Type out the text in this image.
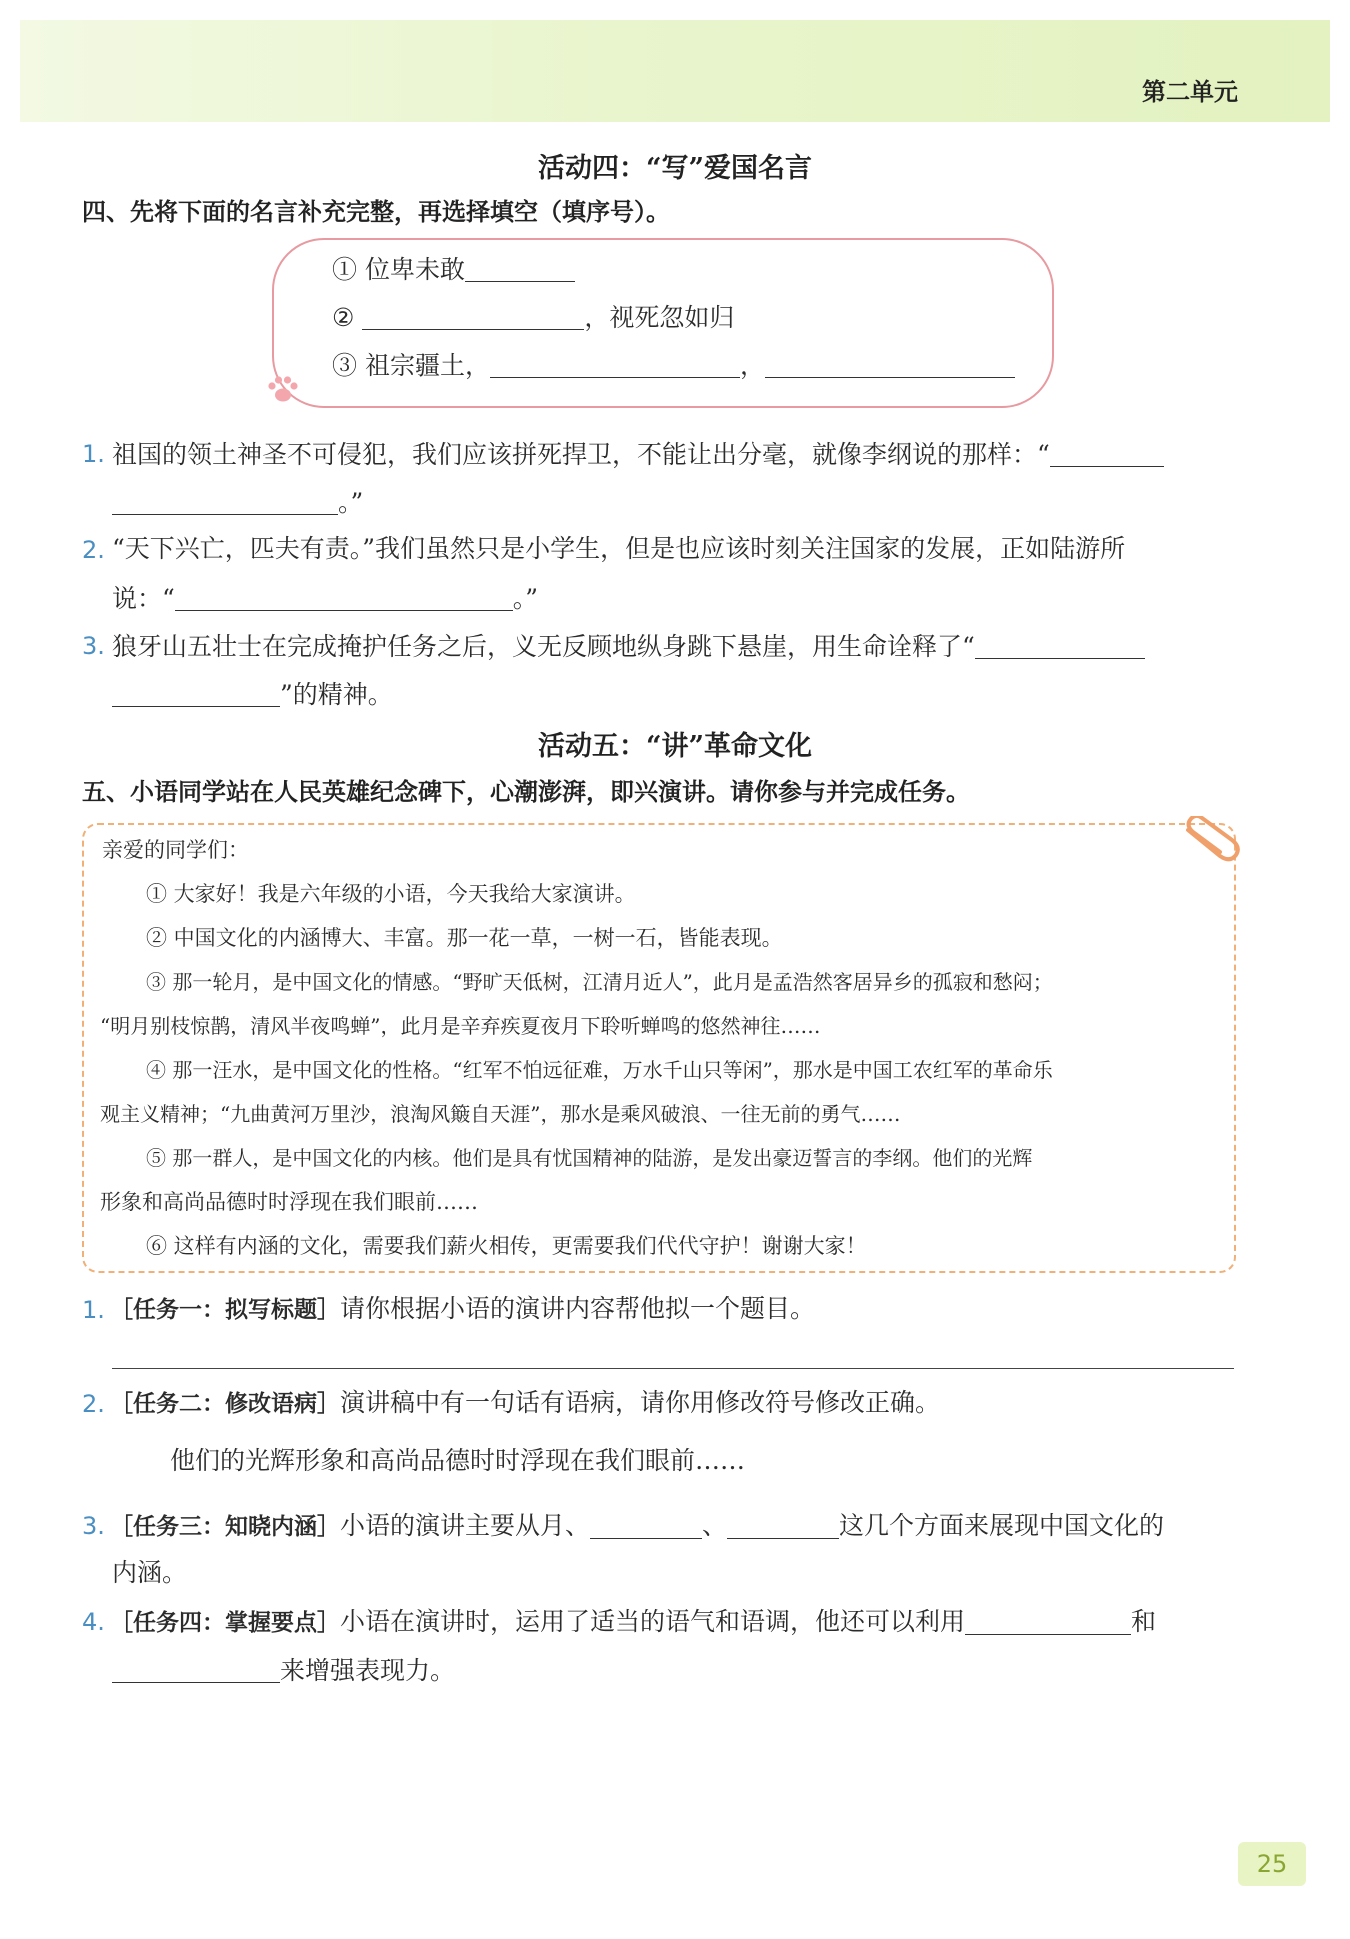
第二单元
活动四：“写”爱国名言
四、先将下面的名言补充完整，再选择填空（填序号）。
① 位卑未敢
②	，视死忽如归
③ 祖宗疆土，	，
1. 祖国的领土神圣不可侵犯，我们应该拼死捍卫，不能让出分毫，就像李纲说的那样：“
。”
2. “天下兴亡，匹夫有责。”我们虽然只是小学生，但是也应该时刻关注国家的发展，正如陆游所
说：“	。”
3. 狼牙山五壮士在完成掩护任务之后，义无反顾地纵身跳下悬崖，用生命诠释了“
”的精神。
活动五：“讲”革命文化
五、小语同学站在人民英雄纪念碑下，心潮澎湃，即兴演讲。请你参与并完成任务。
亲爱的同学们：
① 大家好！我是六年级的小语，今天我给大家演讲。
② 中国文化的内涵博大、丰富。那一花一草，一树一石，皆能表现。
③ 那一轮月，是中国文化的情感。“野旷天低树，江清月近人”，此月是孟浩然客居异乡的孤寂和愁闷；
“明月别枝惊鹊，清风半夜鸣蝉”，此月是辛弃疾夏夜月下聆听蝉鸣的悠然神往……
④ 那一汪水，是中国文化的性格。“红军不怕远征难，万水千山只等闲”，那水是中国工农红军的革命乐
观主义精神；“九曲黄河万里沙，浪淘风簸自天涯”，那水是乘风破浪、一往无前的勇气……
⑤ 那一群人，是中国文化的内核。他们是具有忧国精神的陆游，是发出豪迈誓言的李纲。他们的光辉
形象和高尚品德时时浮现在我们眼前……
⑥ 这样有内涵的文化，需要我们薪火相传，更需要我们代代守护！谢谢大家！
1. ［任务一：拟写标题］请你根据小语的演讲内容帮他拟一个题目。
2. ［任务二：修改语病］演讲稿中有一句话有语病，请你用修改符号修改正确。
他们的光辉形象和高尚品德时时浮现在我们眼前……
3. ［任务三：知晓内涵］小语的演讲主要从月、	、	这几个方面来展现中国文化的
内涵。
4. ［任务四：掌握要点］小语在演讲时，运用了适当的语气和语调，他还可以利用	和
来增强表现力。
25
